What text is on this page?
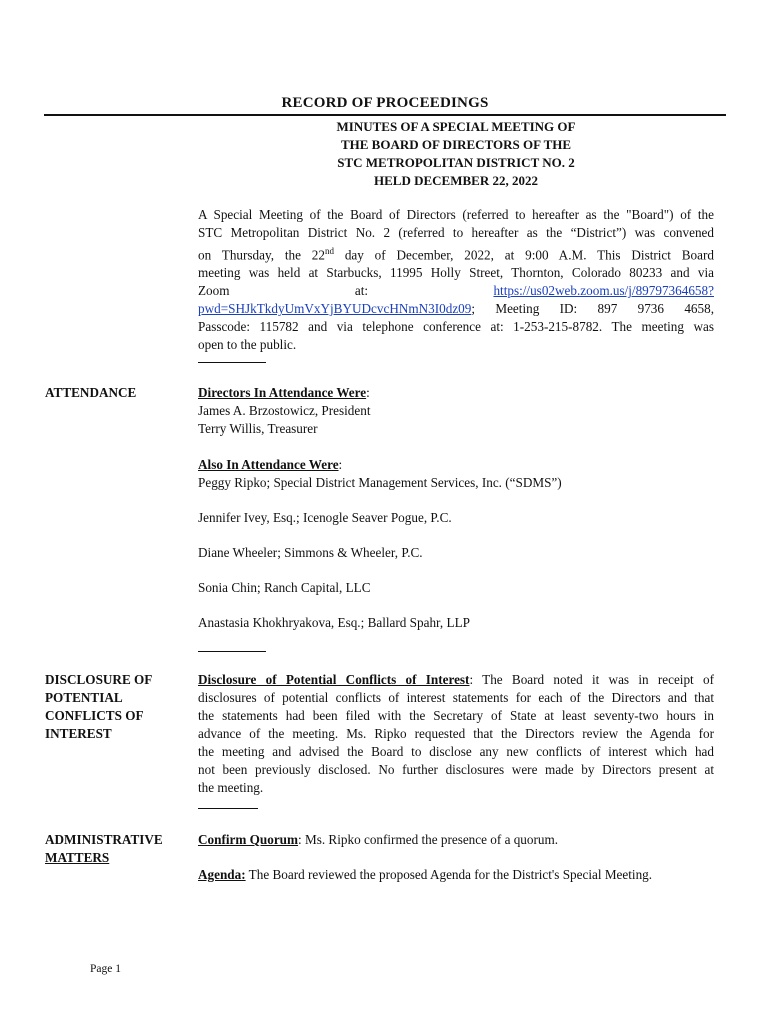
RECORD OF PROCEEDINGS
MINUTES OF A SPECIAL MEETING OF
THE BOARD OF DIRECTORS OF THE
STC METROPOLITAN DISTRICT NO. 2
HELD DECEMBER 22, 2022
A Special Meeting of the Board of Directors (referred to hereafter as the "Board") of the
STC Metropolitan District No. 2 (referred to hereafter as the “District”) was convened
on Thursday, the 22nd day of December, 2022, at 9:00 A.M. This District Board
meeting was held at Starbucks, 11995 Holly Street, Thornton, Colorado 80233 and via
Zoom	at:	https://us02web.zoom.us/j/89797364658?
pwd=SHJkTkdyUmVxYjBYUDcvcHNmN3I0dz09; Meeting ID: 897 9736 4658,
Passcode: 115782 and via telephone conference at: 1-253-215-8782. The meeting was
open to the public.
ATTENDANCE	Directors In Attendance Were:
James A. Brzostowicz, President
Terry Willis, Treasurer
Also In Attendance Were:
Peggy Ripko; Special District Management Services, Inc. (“SDMS”)
Jennifer Ivey, Esq.; Icenogle Seaver Pogue, P.C.
Diane Wheeler; Simmons & Wheeler, P.C.
Sonia Chin; Ranch Capital, LLC
Anastasia Khokhryakova, Esq.; Ballard Spahr, LLP
DISCLOSURE OF
POTENTIAL
CONFLICTS OF
INTEREST
Disclosure of Potential Conflicts of Interest: The Board noted it was in receipt of
disclosures of potential conflicts of interest statements for each of the Directors and that
the statements had been filed with the Secretary of State at least seventy-two hours in
advance of the meeting. Ms. Ripko requested that the Directors review the Agenda for
the meeting and advised the Board to disclose any new conflicts of interest which had
not been previously disclosed. No further disclosures were made by Directors present at
the meeting.
ADMINISTRATIVE
MATTERS
Confirm Quorum: Ms. Ripko confirmed the presence of a quorum.
Agenda: The Board reviewed the proposed Agenda for the District's Special Meeting.
Page 1
